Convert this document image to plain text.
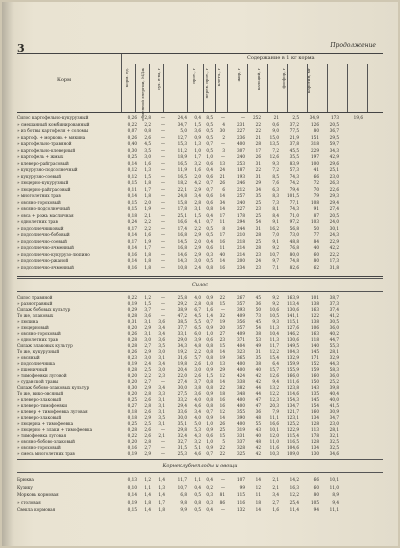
3	Продолжение
Корм
Содержание в 1 кг корма
корм. ед.	обменной энергии, МДж	сух. в-ва, г	прот., г перев. прот., г клетч., г	жир, г	кальций, г	фосфор, г	каротин, мг
Силос картофельно-кукурузный	0,26	2,8	—	24,4	0,4	8,5	—	—	252	21	2,5	34,9	173	19,6
» смешанный комбинированный	0,22	2,2	—	34,7	1,5	0,5	4	231	22	0,6	37,2	126	20,5
» из ботвы картофеля + соломы	0,07	0,8	—	5,0	3,6	0,5	30	227	22	9,0	77,5	80	36,7
» картоф. + морковь + мякина	0,26	2,6	—	12,7	0,9	0,5	2	236	21	15,0	21,9	151	29,5
» картофельно-травяной	0,40	4,5	—	15,3	1,3	0,7	—	400	28	13,5	37,8	318	59,7
» картофельно-клеверный	0,30	3,5	—	11,2	1,0	0,5	3	307	17	7,2	45,5	229	34,3
» картофель + жмых	0,25	3,0	—	18,9	1,7	1,0	—	240	26	12,6	35,5	197	42,9
» клеверо-райграсовый	0,14	1,6	—	16,5	3,2	0,6	13	253	31	9,3	83,9	100	29,6
» кукурузно-подсолнечный	0,12	1,3	—	11,9	1,6	0,4	24	187	22	7,2	57,3	41	25,1
» кукурузно-соевый	0,12	1,5	—	16,5	2,0	0,6	21	193	31	8,5	74,3	66	23,0
» люцерно-кукурузный	0,15	1,8	—	18,2	4,2	0,7	26	246	29	7,6	74,2	72	26,3
» люцерно-райграсовый	0,11	1,7	—	22,1	2,9	0,7	6	212	34	6,3	79,4	70	22,6
» многолетних трав	0,14	1,8	—	24,8	3,4	0,6	14	257	35	8,3	101,5	79	29,3
» овсяно-гороховый	0,15	2,0	—	15,8	2,8	0,6	34	240	25	7,3	77,1	108	29,4
» овсяно-подсолнечный	0,15	1,9	—	17,8	3,1	0,8	14	227	23	8,1	74,3	91	27,4
» овса + рожь масличная	0,18	2,1	—	25,1	1,5	0,4	17	178	25	8,4	71,0	87	20,5
» однолетних трав	0,24	2,2	—	16,6	4,1	0,7	11	294	54	9,1	97,2	103	24,0
» подсолнечниковый	0,17	2,2	—	17,4	2,2	0,5	8	244	31	16,2	56,8	50	30,1
» подсолнечно-бобовый	0,14	1,6	—	16,8	2,9	0,5	17	210	28	7,0	73,0	77	24,3
» подсолнечно-соевый	0,17	1,9	—	14,5	2,0	0,4	16	218	25	9,1	48,8	84	22,9
» подсолнечно-ячменный	0,14	1,7	—	16,8	2,9	0,6	11	214	28	9,2	76,8	40	42,2
» подсолнечно-кукурузо-люпино	0,16	1,8	—	14,6	2,9	0,3	40	214	23	10,7	80,0	60	22,2
» подсолнечно-ржаной	0,14	1,8	—	14,3	3,0	0,5	14	200	24	9,7	74,8	80	17,3
» подсолнечно-ячменный	0,16	1,8	—	10,8	2,4	0,8	16	234	23	7,1	82,6	62	31,8
Силос
Силос травяной	0,22	1,2	—	25,8	4,0	0,9	22	267	45	9,2	163,9	101	38,7
» разнотравный	0,19	1,5	—	29,2	2,8	0,8	15	357	36	9,2	113,4	138	37,3
Силаж бобовых культур	0,29	3,7	—	38,9	6,7	1,6	—	393	50	10,6	130,6	163	37,4
То же, злаковых	0,28	3,6	—	47,2	4,5	1,4	32	409	73	10,5	141,1	122	41,2
» люпина	0,31	3,1	3,6	38,5	5,5	0,7	19	356	45	9,3	115,1	138	30,5
» люцерновый	0,20	2,9	3,4	37,7	6,5	0,9	20	357	54	11,3	127,6	106	36,0
» овсяно-гороховый	0,26	3,1	3,4	33,1	6,0	1,0	27	409	38	10,4	146,2	163	40,2
» однолетних трав	0,28	3,0	3,6	29,0	3,9	0,6	23	371	53	11,3	130,6	118	44,7
Силаж злаковых культур	0,28	2,7	3,5	34,3	4,8	0,8	15	404	49	11,7	149,5	140	55,3
То же, кукурузный	0,26	2,9	3,0	19,2	2,2	0,8	14	323	31	12,2	104,3	145	28,1
» овсяный	0,23	3,0	3,1	31,6	5,7	0,8	19	365	35	15,4	132,9	171	32,9
» подсолнечника	0,19	2,4	3,4	19,8	2,6	1,0	13	400	38	6,4	159,9	152	44,3
» пшеничный	0,28	2,5	3,0	20,4	3,0	0,9	29	400	40	15,7	155,9	159	58,3
» тимофеевки луговой	0,20	2,2	2,3	22,0	2,6	1,5	12	424	42	12,6	166,0	160	36,0
» суданской травы	0,20	2,7	—	27,4	3,7	0,8	14	338	42	9,4	111,6	150	25,2
Силаж бобово-злаковых культур	0,30	2,9	3,4	30,0	3,8	0,8	22	382	44	13,2	123,8	143	39,8
То же, вико-овсяный	0,20	2,8	3,3	27,5	3,6	0,9	18	348	44	12,2	114,6	135	40,4
» клеверо-злаковый	0,25	2,6	3,1	33,2	4,0	0,8	16	400	47	12,3	154,3	145	40,0
» клеверо-тимофеевки	0,27	2,8	3,1	29,4	4,6	0,8	16	400	47	20,3	134,7	154	41,5
» клевер + тимофеевка луговая	0,18	2,6	3,1	33,6	3,4	0,7	12	355	36	7,9	121,7	160	30,9
» клеверо-злаковый	0,18	2,9	3,5	30,0	4,0	0,9	14	390	48	11,1	123,1	134	34,7
» люцерна + тимофеевка	0,25	2,5	3,1	35,1	5,0	1,0	26	400	55	16,6	125,2	128	23,0
» люцерно + злаки + тимофеевка	0,28	2,6	—	29,8	5,3	0,9	25	319	43	10,1	122,9	113	28,1
» тимофеевка луговая	0,22	2,6	2,1	32,4	4,3	0,6	15	331	40	12,0	115,4	178	32,1
» овсяно-бобово-злаковый	0,20	2,8	—	32,7	3,2	1,0	5	337	48	11,0	116,5	128	32,5
» овсяно-гороховый	0,16	2,7	—	31,5	5,1	0,9	22	328	42	11,6	104,6	134	32,5
» смесь многолетних трав	0,19	2,9	—	25,3	4,6	0,7	22	325	42	10,3	109,0	130	34,6
Корнеклубнеплоды и овощи
Брюква	0,13	1,2	1,4	11,7	1,1	0,4	—	107	14	2,1	14,2	66	10,1
Кузику	0,10	1,1	1,3	10,7	0,4	0,2	—	99	12	2,1	16,3	60	11,0
Морковь кормовая	0,14	1,4	1,4	6,8	0,5	0,3	81	115	11	3,4	12,2	80	8,9
» столовая	0,19	1,8	1,7	9,8	0,8	0,3	86	116	18	2,7	25,4	105	9,4
Свекла кормовая	0,15	1,4	1,8	9,9	0,5	0,4	—	132	14	1,6	11,4	94	11,1
